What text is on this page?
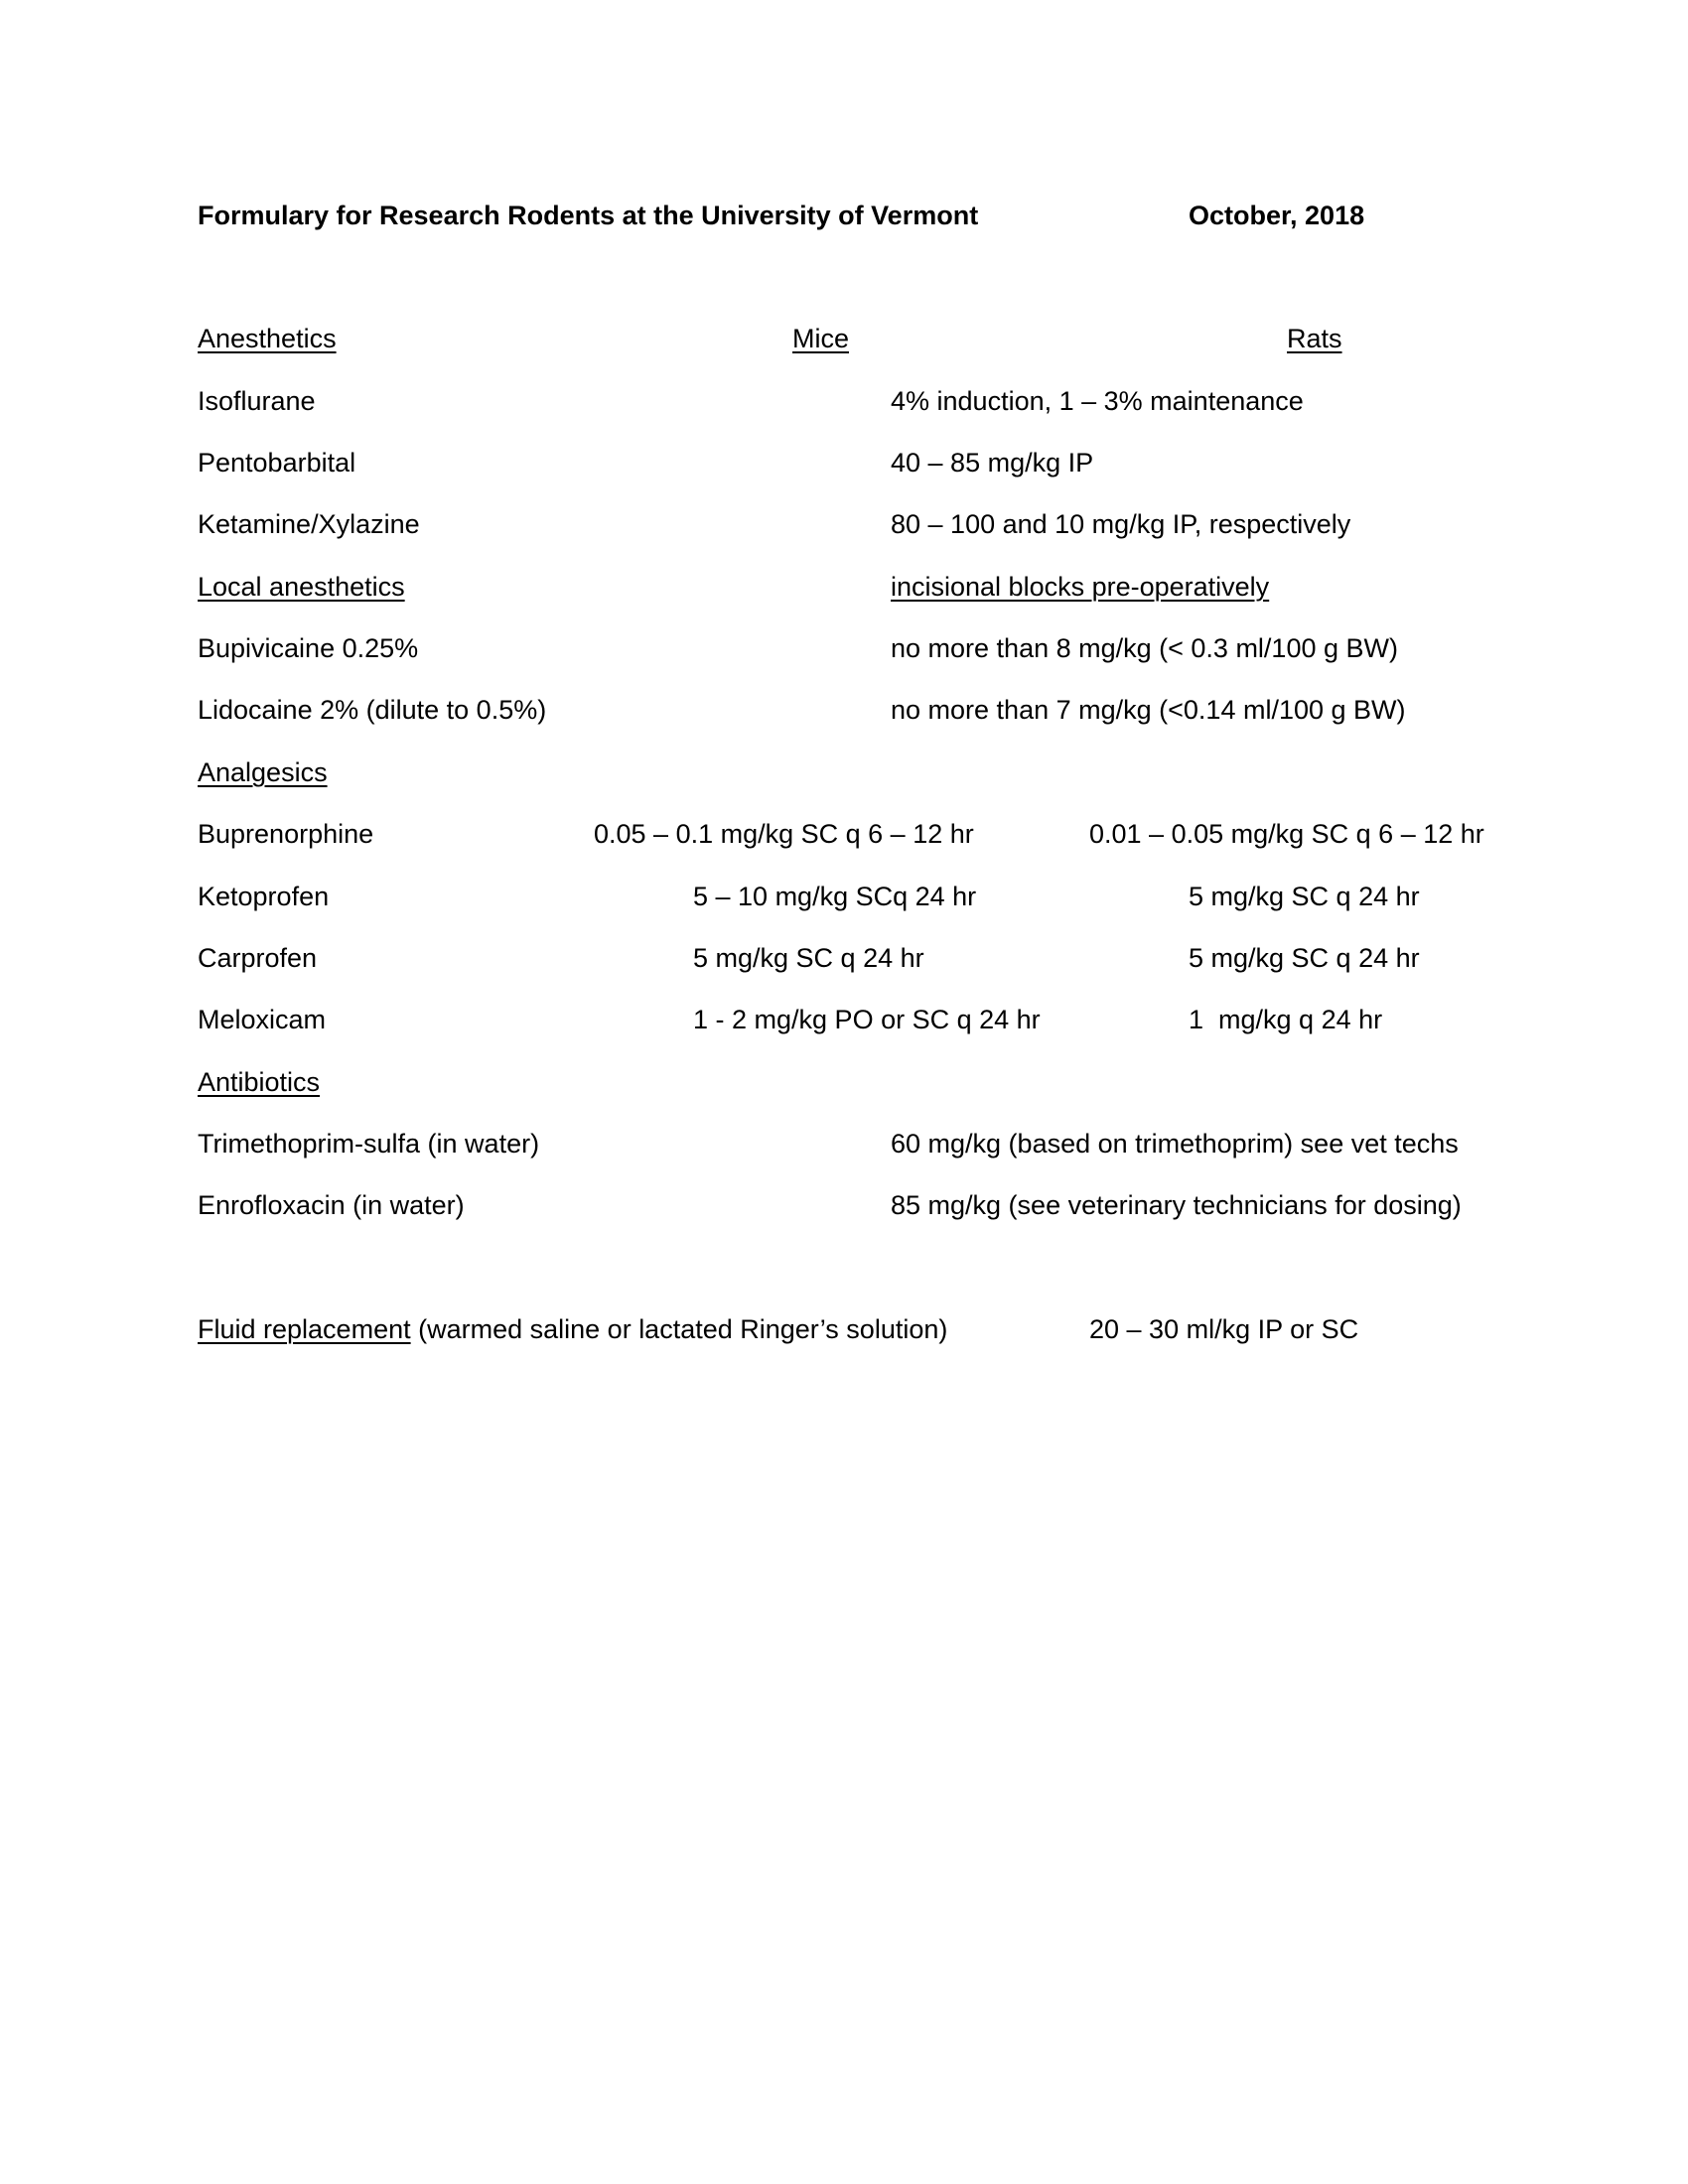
Formulary for Research Rodents at the University of Vermont	October, 2018
Anesthetics	Mice	Rats
Isoflurane	4% induction, 1 – 3% maintenance
Pentobarbital	40 – 85 mg/kg IP
Ketamine/Xylazine	80 – 100 and 10 mg/kg IP, respectively
Local anesthetics	incisional blocks pre-operatively
Bupivicaine 0.25%	no more than 8 mg/kg (< 0.3 ml/100 g BW)
Lidocaine 2% (dilute to 0.5%)	no more than 7 mg/kg (<0.14 ml/100 g BW)
Analgesics
Buprenorphine	0.05 – 0.1 mg/kg SC q 6 – 12 hr	0.01 – 0.05 mg/kg SC q 6 – 12 hr
Ketoprofen	5 – 10 mg/kg SCq 24 hr	5 mg/kg SC q 24 hr
Carprofen	5 mg/kg SC q 24 hr	5 mg/kg SC q 24 hr
Meloxicam	1 - 2 mg/kg PO or SC q 24 hr	1  mg/kg q 24 hr
Antibiotics
Trimethoprim-sulfa (in water)	60 mg/kg (based on trimethoprim) see vet techs
Enrofloxacin (in water)	85 mg/kg (see veterinary technicians for dosing)
Fluid replacement (warmed saline or lactated Ringer’s solution)	20 – 30 ml/kg IP or SC
